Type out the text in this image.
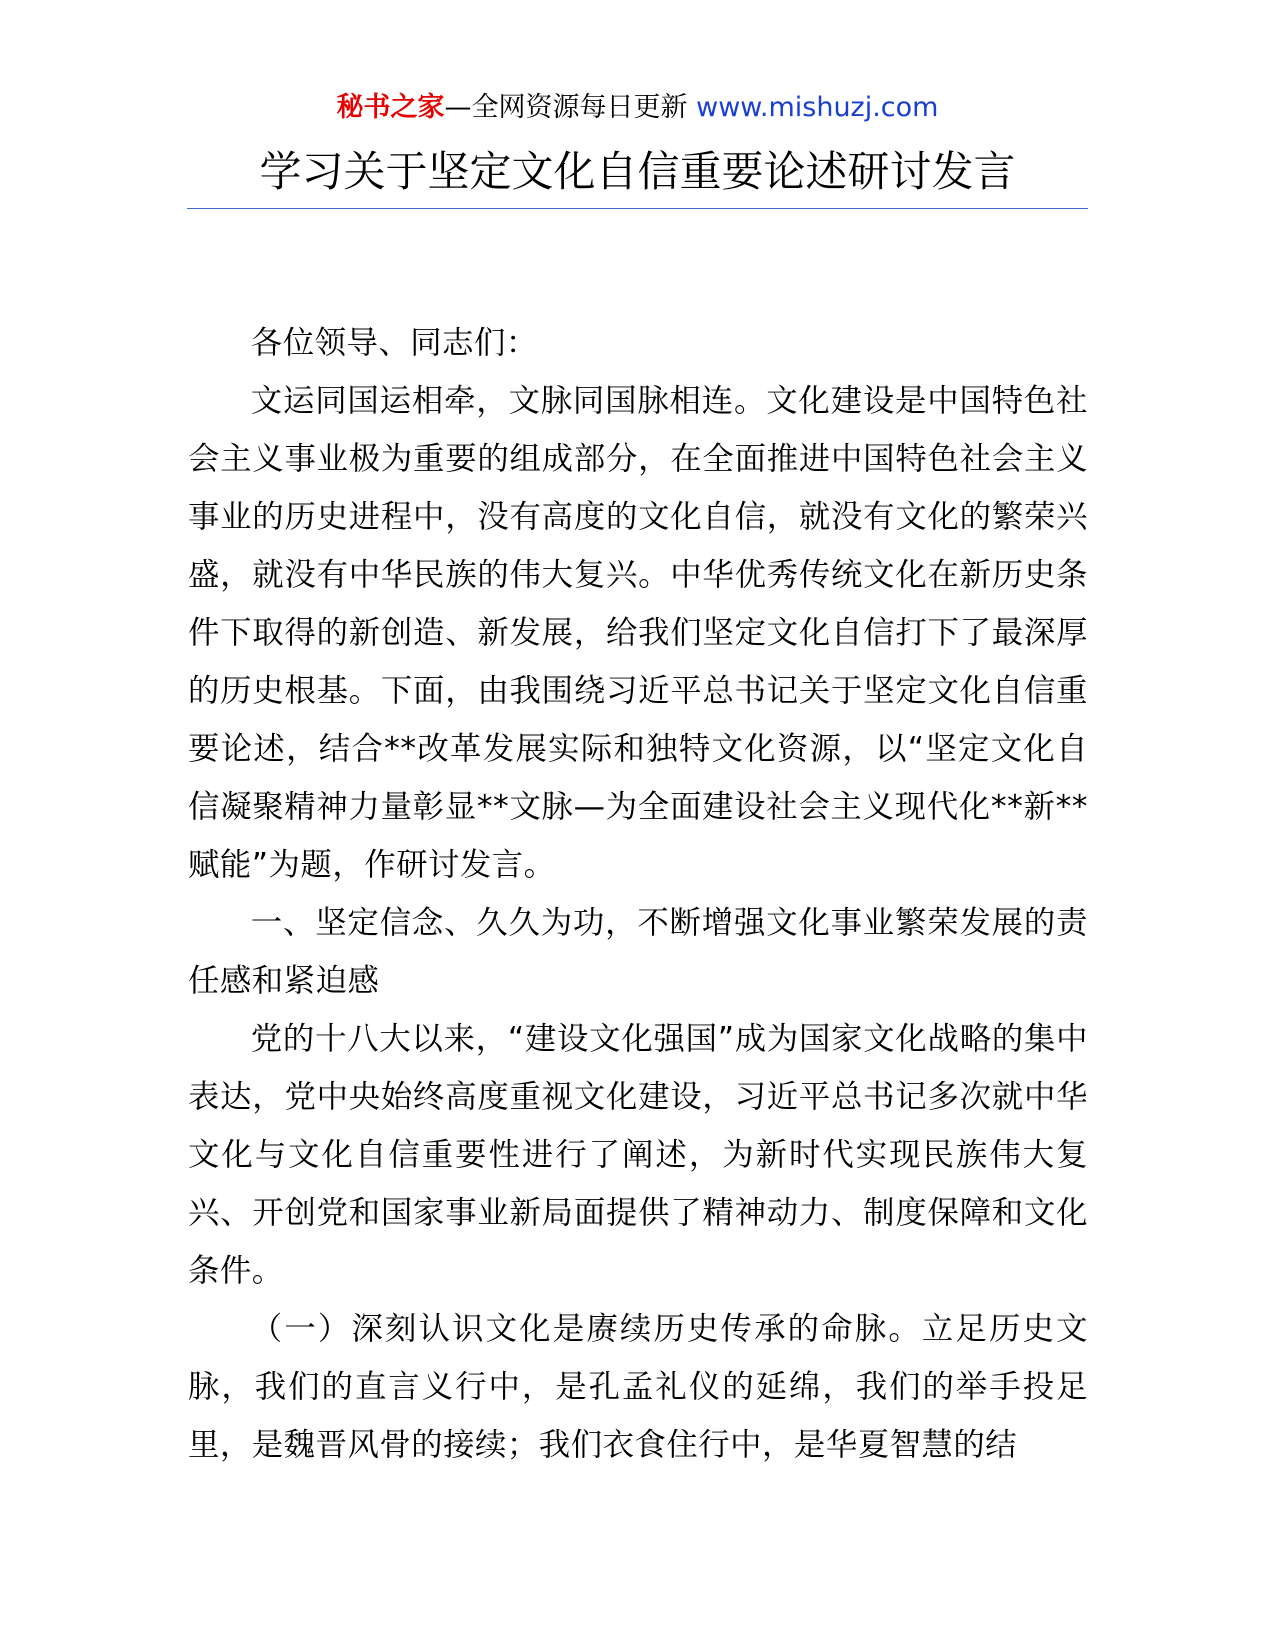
秘书之家—全网资源每日更新 www.mishuzj.com
学习关于坚定文化自信重要论述研讨发言

各位领导、同志们：

文运同国运相牵，文脉同国脉相连。文化建设是中国特色社会主义事业极为重要的组成部分，在全面推进中国特色社会主义事业的历史进程中，没有高度的文化自信，就没有文化的繁荣兴盛，就没有中华民族的伟大复兴。中华优秀传统文化在新历史条件下取得的新创造、新发展，给我们坚定文化自信打下了最深厚的历史根基。下面，由我围绕习近平总书记关于坚定文化自信重要论述，结合**改革发展实际和独特文化资源，以“坚定文化自信凝聚精神力量彰显**文脉—为全面建设社会主义现代化**新**赋能”为题，作研讨发言。

一、坚定信念、久久为功，不断增强文化事业繁荣发展的责任感和紧迫感

党的十八大以来，“建设文化强国”成为国家文化战略的集中表达，党中央始终高度重视文化建设，习近平总书记多次就中华文化与文化自信重要性进行了阐述，为新时代实现民族伟大复兴、开创党和国家事业新局面提供了精神动力、制度保障和文化条件。

（一）深刻认识文化是赓续历史传承的命脉。立足历史文脉，我们的直言义行中，是孔孟礼仪的延绵，我们的举手投足里，是魏晋风骨的接续；我们衣食住行中，是华夏智慧的结
